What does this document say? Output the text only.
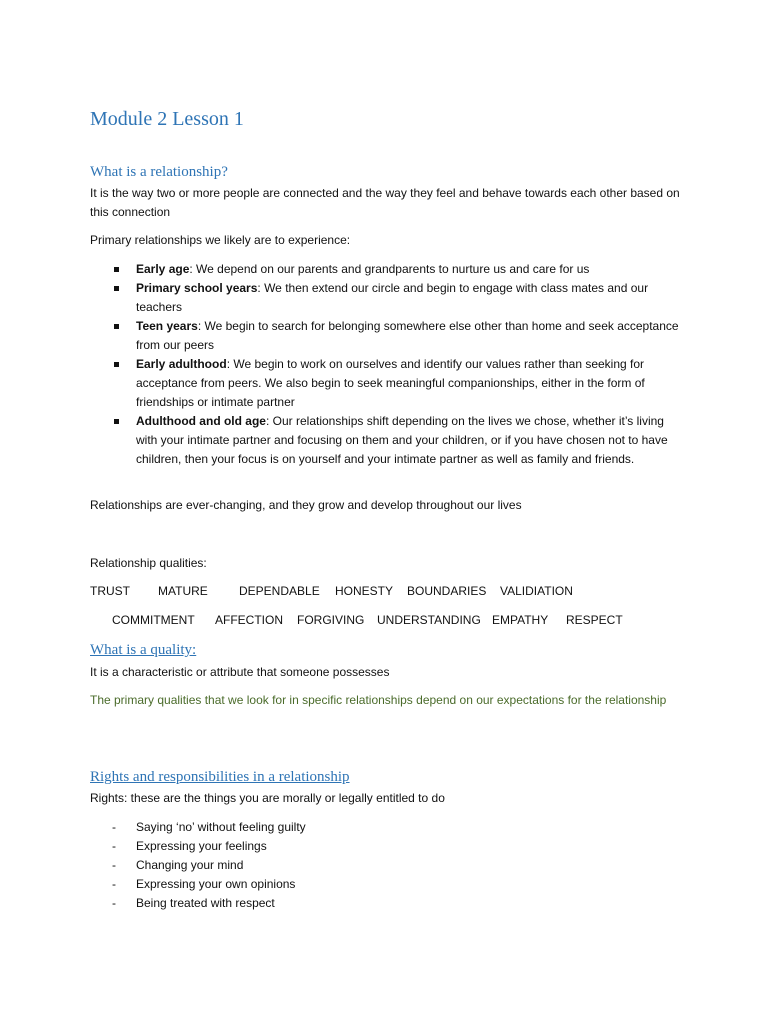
Module 2 Lesson 1
What is a relationship?
It is the way two or more people are connected and the way they feel and behave towards each other based on this connection
Primary relationships we likely are to experience:
Early age: We depend on our parents and grandparents to nurture us and care for us
Primary school years: We then extend our circle and begin to engage with class mates and our teachers
Teen years: We begin to search for belonging somewhere else other than home and seek acceptance from our peers
Early adulthood: We begin to work on ourselves and identify our values rather than seeking for acceptance from peers. We also begin to seek meaningful companionships, either in the form of friendships or intimate partner
Adulthood and old age: Our relationships shift depending on the lives we chose, whether it’s living with your intimate partner and focusing on them and your children, or if you have chosen not to have children, then your focus is on yourself and your intimate partner as well as family and friends.
Relationships are ever-changing, and they grow and develop throughout our lives
Relationship qualities:
TRUST MATURE	DEPENDABLE HONESTY BOUNDARIES VALIDIATION
COMMITMENT AFFECTION FORGIVING UNDERSTANDING EMPATHY RESPECT
What is a quality:
It is a characteristic or attribute that someone possesses
The primary qualities that we look for in specific relationships depend on our expectations for the relationship
Rights and responsibilities in a relationship
Rights: these are the things you are morally or legally entitled to do
- Saying ‘no’ without feeling guilty
- Expressing your feelings
- Changing your mind
- Expressing your own opinions
- Being treated with respect
